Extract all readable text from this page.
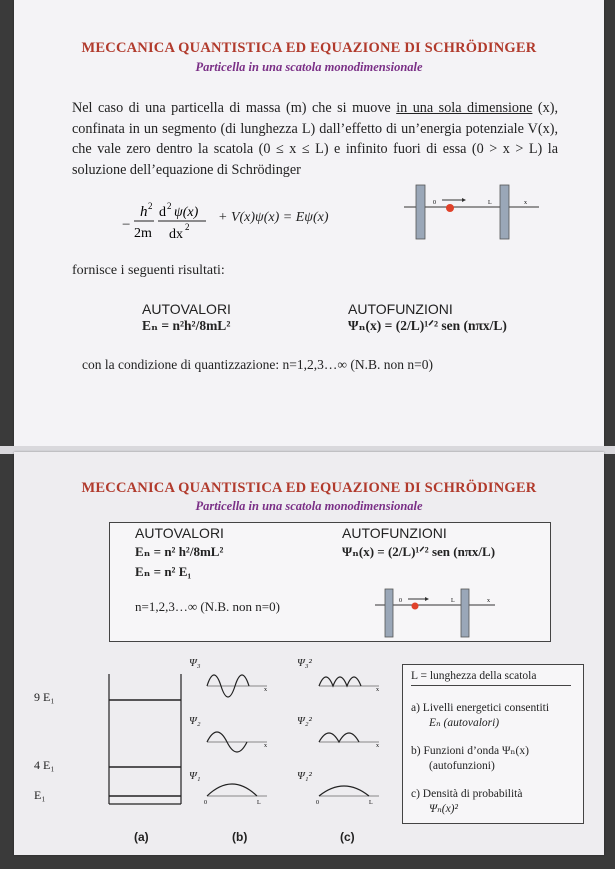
MECCANICA QUANTISTICA ED EQUAZIONE DI SCHRÖDINGER
Particella in una scatola monodimensionale
Nel caso di una particella di massa (m) che si muove in una sola dimensione (x), confinata in un segmento (di lunghezza L) dall’effetto di un’energia potenziale V(x), che vale zero dentro la scatola (0 ≤ x ≤ L) e infinito fuori di essa (0 > x > L) la soluzione dell’equazione di Schrödinger
−
h 2 d 2 ψ(x)
2m dx 2
+ V(x)ψ(x) = Eψ(x)
0	L	x
fornisce i seguenti risultati:
AUTOVALORI	AUTOFUNZIONI
Eₙ = n²h²/8mL²	Ψₙ(x) = (2/L)¹ᐟ² sen (nπx/L)
con la condizione di quantizzazione: n=1,2,3…∞ (N.B. non n=0)
MECCANICA QUANTISTICA ED EQUAZIONE DI SCHRÖDINGER
Particella in una scatola monodimensionale
AUTOVALORI	AUTOFUNZIONI
Eₙ = n² h²/8mL²	Ψₙ(x) = (2/L)¹ᐟ² sen (nπx/L)
Eₙ = n² E₁
n=1,2,3…∞ (N.B. non n=0)	0	L	x
9 E₁
4 E₁
E₁
Ψ₃
Ψ₂
Ψ₁
x
x
0	L
Ψ₃²
Ψ₂²
Ψ₁²
x
x
0	L
L = lunghezza della scatola
a) Livelli energetici consentiti
Eₙ (autovalori)
b) Funzioni d’onda Ψₙ(x)
(autofunzioni)
c) Densità di probabilità
Ψₙ(x)²
(a)	(b)	(c)
